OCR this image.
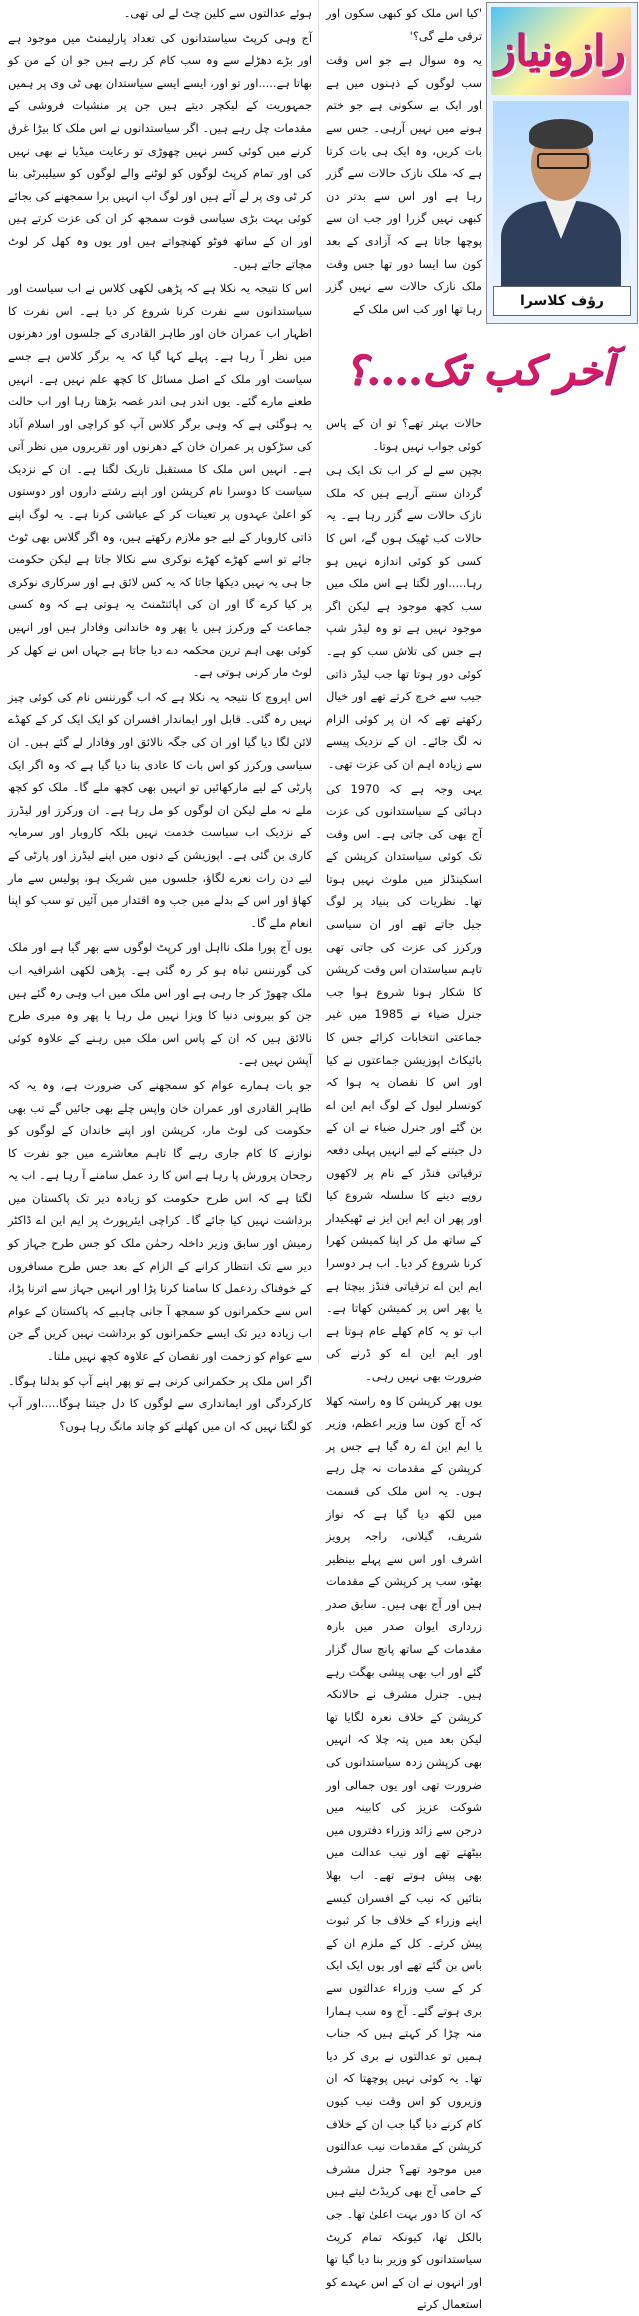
رازونیاز
رؤف کلاسرا

'کیا اس ملک کو کبھی سکون اور ترقی ملے گی؟'

یہ وہ سوال ہے جو اس وقت سب لوگوں کے ذہنوں میں ہے اور ایک بے سکونی ہے جو ختم ہونے میں نہیں آرہی۔ جس سے بات کریں، وہ ایک ہی بات کرتا ہے کہ ملک نازک حالات سے گزر رہا ہے اور اس سے بدتر دن کبھی نہیں گزرا اور جب ان سے پوچھا جاتا ہے کہ آزادی کے بعد کون سا ایسا دور تھا جس وقت ملک نازک حالات سے نہیں گزر رہا تھا اور کب اس ملک کے

آخر کب تک....؟

حالات بہتر تھے؟ تو ان کے پاس کوئی جواب نہیں ہوتا۔

بچپن سے لے کر اب تک ایک ہی گردان سنتے آرہے ہیں کہ ملک نازک حالات سے گزر رہا ہے۔ یہ حالات کب ٹھیک ہوں گے، اس کا کسی کو کوئی اندازہ نہیں ہو رہا.....اور لگتا ہے اس ملک میں سب کچھ موجود ہے لیکن اگر موجود نہیں ہے تو وہ لیڈر شپ ہے جس کی تلاش سب کو ہے۔ کوئی دور ہوتا تھا جب لیڈر ذاتی جیب سے خرچ کرتے تھے اور خیال رکھتے تھے کہ ان پر کوئی الزام نہ لگ جائے۔ ان کے نزدیک پیسے سے زیادہ اہم ان کی عزت تھی۔

یہی وجہ ہے کہ 1970 کی دہائی کے سیاستدانوں کی عزت آج بھی کی جاتی ہے۔ اس وقت تک کوئی سیاستدان کرپشن کے اسکینڈلز میں ملوث نہیں ہوتا تھا۔ نظریات کی بنیاد پر لوگ جیل جاتے تھے اور ان سیاسی ورکرز کی عزت کی جاتی تھی تاہم سیاستدان اس وقت کرپشن کا شکار ہونا شروع ہوا جب جنرل ضیاء نے 1985 میں غیر جماعتی انتخابات کرائے جس کا بائیکاٹ اپوزیشن جماعتوں نے کیا اور اس کا نقصان یہ ہوا کہ کونسلر لیول کے لوگ ایم این اے بن گئے اور جنرل ضیاء نے ان کے دل جیتنے کے لیے انہیں پہلی دفعہ ترقیاتی فنڈز کے نام پر لاکھوں روپے دینے کا سلسلہ شروع کیا اور پھر ان ایم این ایز نے ٹھیکیدار کے ساتھ مل کر اپنا کمیشن کھرا کرنا شروع کر دیا۔ اب ہر دوسرا ایم این اے ترقیاتی فنڈز بیچتا ہے یا پھر اس پر کمیشن کھاتا ہے۔ اب تو یہ کام کھلے عام ہوتا ہے اور ایم این اے کو ڈرنے کی ضرورت بھی نہیں رہی۔

یوں پھر کرپشن کا وہ راستہ کھلا کہ آج کون سا وزیر اعظم، وزیر یا ایم این اے رہ گیا ہے جس پر کرپشن کے مقدمات نہ چل رہے ہوں۔ یہ اس ملک کی قسمت میں لکھ دیا گیا ہے کہ نواز شریف، گیلانی، راجہ پرویز اشرف اور اس سے پہلے بینظیر بھٹو، سب پر کرپشن کے مقدمات ہیں اور آج بھی ہیں۔ سابق صدر زرداری ایوان صدر میں بارہ مقدمات کے ساتھ پانچ سال گزار گئے اور اب بھی پیشی بھگت رہے ہیں۔ جنرل مشرف نے حالانکہ کرپشن کے خلاف نعرہ لگایا تھا لیکن بعد میں پتہ چلا کہ انہیں بھی کرپشن زدہ سیاستدانوں کی ضرورت تھی اور یوں جمالی اور شوکت عزیز کی کابینہ میں درجن سے زائد وزراء دفتروں میں بیٹھتے تھے اور نیب عدالت میں بھی پیش ہوتے تھے۔ اب بھلا بتائیں کہ نیب کے افسران کیسے اپنے وزراء کے خلاف جا کر ثبوت پیش کرتے۔ کل کے ملزم ان کے باس بن گئے تھے اور یوں ایک ایک کر کے سب وزراء عدالتوں سے بری ہوتے گئے۔ آج وہ سب ہمارا منہ چڑا کر کہتے ہیں کہ جناب ہمیں تو عدالتوں نے بری کر دیا تھا۔ یہ کوئی نہیں پوچھتا کہ ان وزیروں کو اس وقت نیب کیوں کام کرنے دیا گیا جب ان کے خلاف کرپشن کے مقدمات نیب عدالتوں میں موجود تھے؟ جنرل مشرف کے حامی آج بھی کریڈٹ لیتے ہیں کہ ان کا دور بہت اعلیٰ تھا۔ جی بالکل تھا، کیونکہ تمام کرپٹ سیاستدانوں کو وزیر بنا دیا گیا تھا اور انہوں نے ان کے اس عہدے کو استعمال کرتے

ہوئے عدالتوں سے کلین چٹ لے لی تھی۔

آج وہی کرپٹ سیاستدانوں کی تعداد پارلیمنٹ میں موجود ہے اور بڑے دھڑلے سے وہ سب کام کر رہے ہیں جو ان کے من کو بھاتا ہے.....اور تو اور، ایسے ایسے سیاستدان بھی ٹی وی پر ہمیں جمہوریت کے لیکچر دیتے ہیں جن پر منشیات فروشی کے مقدمات چل رہے ہیں۔ اگر سیاستدانوں نے اس ملک کا بیڑا غرق کرنے میں کوئی کسر نہیں چھوڑی تو رعایت میڈیا نے بھی نہیں کی اور تمام کرپٹ لوگوں کو لوٹنے والے لوگوں کو سیلیبرٹی بنا کر ٹی وی پر لے آئے ہیں اور لوگ اب انہیں برا سمجھنے کی بجائے کوئی بہت بڑی سیاسی قوت سمجھ کر ان کی عزت کرتے ہیں اور ان کے ساتھ فوٹو کھنچواتے ہیں اور یوں وہ کھل کر لوٹ مچاتے جاتے ہیں۔

اس کا نتیجہ یہ نکلا ہے کہ پڑھی لکھی کلاس نے اب سیاست اور سیاستدانوں سے نفرت کرنا شروع کر دیا ہے۔ اس نفرت کا اظہار اب عمران خان اور طاہر القادری کے جلسوں اور دھرنوں میں نظر آ رہا ہے۔ پہلے کہا گیا کہ یہ برگر کلاس ہے جسے سیاست اور ملک کے اصل مسائل کا کچھ علم نہیں ہے۔ انہیں طعنے مارے گئے۔ یوں اندر ہی اندر غصہ بڑھتا رہا اور اب حالت یہ ہوگئی ہے کہ وہی برگر کلاس آپ کو کراچی اور اسلام آباد کی سڑکوں پر عمران خان کے دھرنوں اور تقریروں میں نظر آتی ہے۔ انہیں اس ملک کا مستقبل تاریک لگتا ہے۔ ان کے نزدیک سیاست کا دوسرا نام کرپشن اور اپنے رشتے داروں اور دوستوں کو اعلیٰ عہدوں پر تعینات کر کے عیاشی کرنا ہے۔ یہ لوگ اپنے ذاتی کاروبار کے لیے جو ملازم رکھتے ہیں، وہ اگر گلاس بھی ٹوٹ جائے تو اسے کھڑے کھڑے نوکری سے نکالا جاتا ہے لیکن حکومت جا ہی یہ نہیں دیکھا جاتا کہ یہ کس لائق ہے اور سرکاری نوکری پر کیا کرے گا اور ان کی اپائنٹمنٹ یہ ہوتی ہے کہ وہ کسی جماعت کے ورکرز ہیں یا پھر وہ خاندانی وفادار ہیں اور انہیں کوئی بھی اہم ترین محکمہ دے دیا جاتا ہے جہاں اس نے کھل کر لوٹ مار کرنی ہوتی ہے۔

اس اپروچ کا نتیجہ یہ نکلا ہے کہ اب گورننس نام کی کوئی چیز نہیں رہ گئی۔ قابل اور ایماندار افسران کو ایک ایک کر کے کھڈے لائن لگا دیا گیا اور ان کی جگہ نالائق اور وفادار لے گئے ہیں۔ ان سیاسی ورکرز کو اس بات کا عادی بنا دیا گیا ہے کہ وہ اگر ایک پارٹی کے لیے مارکھائیں تو انہیں بھی کچھ ملے گا۔ ملک کو کچھ ملے نہ ملے لیکن ان لوگوں کو مل رہا ہے۔ ان ورکرز اور لیڈرز کے نزدیک اب سیاست خدمت نہیں بلکہ کاروبار اور سرمایہ کاری بن گئی ہے۔ اپوزیشن کے دنوں میں اپنے لیڈرز اور پارٹی کے لیے دن رات نعرے لگاؤ، جلسوں میں شریک ہو، پولیس سے مار کھاؤ اور اس کے بدلے میں جب وہ اقتدار میں آئیں تو سب کو اپنا انعام ملے گا۔

یوں آج پورا ملک نااہل اور کرپٹ لوگوں سے بھر گیا ہے اور ملک کی گورننس تباہ ہو کر رہ گئی ہے۔ پڑھی لکھی اشرافیہ اب ملک چھوڑ کر جا رہی ہے اور اس ملک میں اب وہی رہ گئے ہیں جن کو بیرونی دنیا کا ویزا نہیں مل رہا یا پھر وہ میری طرح نالائق ہیں کہ ان کے پاس اس ملک میں رہنے کے علاوہ کوئی آپشن نہیں ہے۔

جو بات ہمارے عوام کو سمجھنے کی ضرورت ہے، وہ یہ کہ طاہر القادری اور عمران خان واپس چلے بھی جائیں گے تب بھی حکومت کی لوٹ مار، کرپشن اور اپنے خاندان کے لوگوں کو نوازنے کا کام جاری رہے گا تاہم معاشرے میں جو نفرت کا رجحان پرورش پا رہا ہے اس کا رد عمل سامنے آ رہا ہے۔ اب یہ لگتا ہے کہ اس طرح حکومت کو زیادہ دیر تک پاکستان میں برداشت نہیں کیا جائے گا۔ کراچی ایئرپورٹ پر ایم این اے ڈاکٹر رمیش اور سابق وزیر داخلہ رحمٰن ملک کو جس طرح جہاز کو دیر سے تک انتظار کرانے کے الزام کے بعد جس طرح مسافروں کے خوفناک ردعمل کا سامنا کرنا پڑا اور انہیں جہاز سے اترنا پڑا، اس سے حکمرانوں کو سمجھ آ جانی چاہیے کہ پاکستان کے عوام اب زیادہ دیر تک ایسے حکمرانوں کو برداشت نہیں کریں گے جن سے عوام کو زحمت اور نقصان کے علاوہ کچھ نہیں ملتا۔

اگر اس ملک پر حکمرانی کرنی ہے تو پھر اپنے آپ کو بدلنا ہوگا۔ کارکردگی اور ایمانداری سے لوگوں کا دل جیتنا ہوگا.....اور آپ کو لگتا نہیں کہ ان میں کھلنے کو چاند مانگ رہا ہوں؟
